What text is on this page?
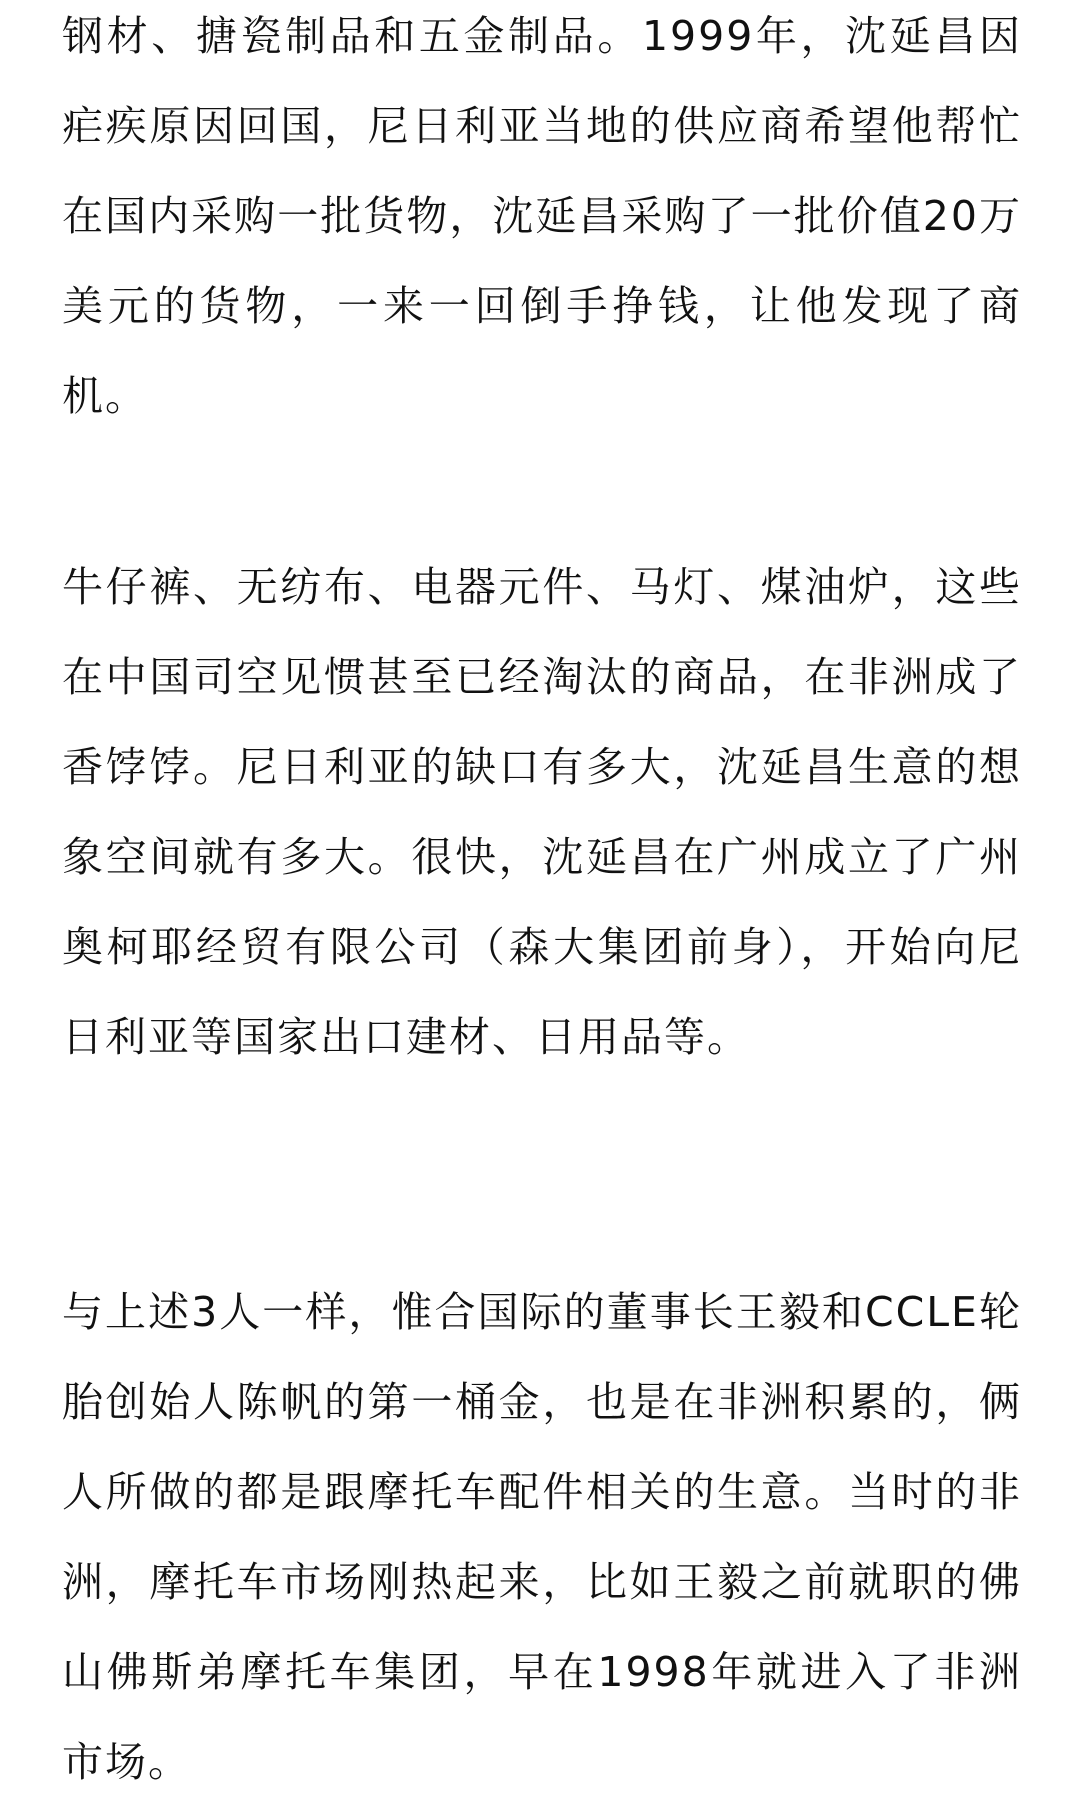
钢材、搪瓷制品和五金制品。1999年，沈延昌因疟疾原因回国，尼日利亚当地的供应商希望他帮忙在国内采购一批货物，沈延昌采购了一批价值20万美元的货物，一来一回倒手挣钱，让他发现了商机。

牛仔裤、无纺布、电器元件、马灯、煤油炉，这些在中国司空见惯甚至已经淘汰的商品，在非洲成了香饽饽。尼日利亚的缺口有多大，沈延昌生意的想象空间就有多大。很快，沈延昌在广州成立了广州奥柯耶经贸有限公司（森大集团前身），开始向尼日利亚等国家出口建材、日用品等。

与上述3人一样，惟合国际的董事长王毅和CCLE轮胎创始人陈帆的第一桶金，也是在非洲积累的，俩人所做的都是跟摩托车配件相关的生意。当时的非洲，摩托车市场刚热起来，比如王毅之前就职的佛山佛斯弟摩托车集团，早在1998年就进入了非洲市场。
